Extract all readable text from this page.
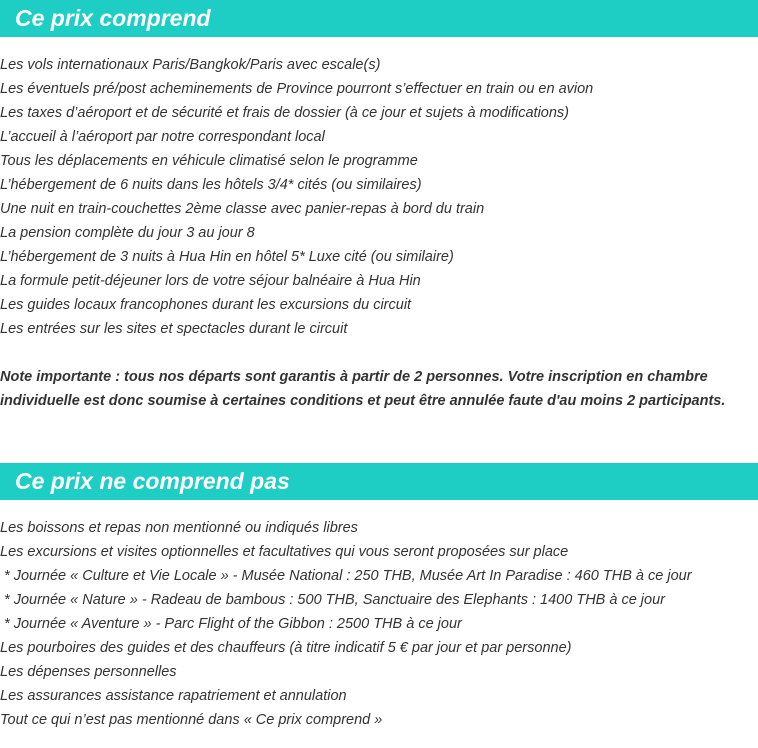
Ce prix comprend
Les vols internationaux Paris/Bangkok/Paris avec escale(s)
Les éventuels pré/post acheminements de Province pourront s’effectuer en train ou en avion
Les taxes d’aéroport et de sécurité et frais de dossier (à ce jour et sujets à modifications)
L’accueil à l’aéroport par notre correspondant local
Tous les déplacements en véhicule climatisé selon le programme
L’hébergement de 6 nuits dans les hôtels 3/4* cités (ou similaires)
Une nuit en train-couchettes 2ème classe avec panier-repas à bord du train
La pension complète du jour 3 au jour 8
L’hébergement de 3 nuits à Hua Hin en hôtel 5* Luxe cité (ou similaire)
La formule petit-déjeuner lors de votre séjour balnéaire à Hua Hin
Les guides locaux francophones durant les excursions du circuit
Les entrées sur les sites et spectacles durant le circuit

Note importante : tous nos départs sont garantis à partir de 2 personnes. Votre inscription en chambre individuelle est donc soumise à certaines conditions et peut être annulée faute d'au moins 2 participants.

Ce prix ne comprend pas
Les boissons et repas non mentionné ou indiqués libres
Les excursions et visites optionnelles et facultatives qui vous seront proposées sur place
* Journée « Culture et Vie Locale » - Musée National : 250 THB, Musée Art In Paradise : 460 THB à ce jour
* Journée « Nature » - Radeau de bambous : 500 THB, Sanctuaire des Elephants : 1400 THB à ce jour
* Journée « Aventure » - Parc Flight of the Gibbon : 2500 THB à ce jour
Les pourboires des guides et des chauffeurs (à titre indicatif 5 € par jour et par personne)
Les dépenses personnelles
Les assurances assistance rapatriement et annulation
Tout ce qui n’est pas mentionné dans « Ce prix comprend »
